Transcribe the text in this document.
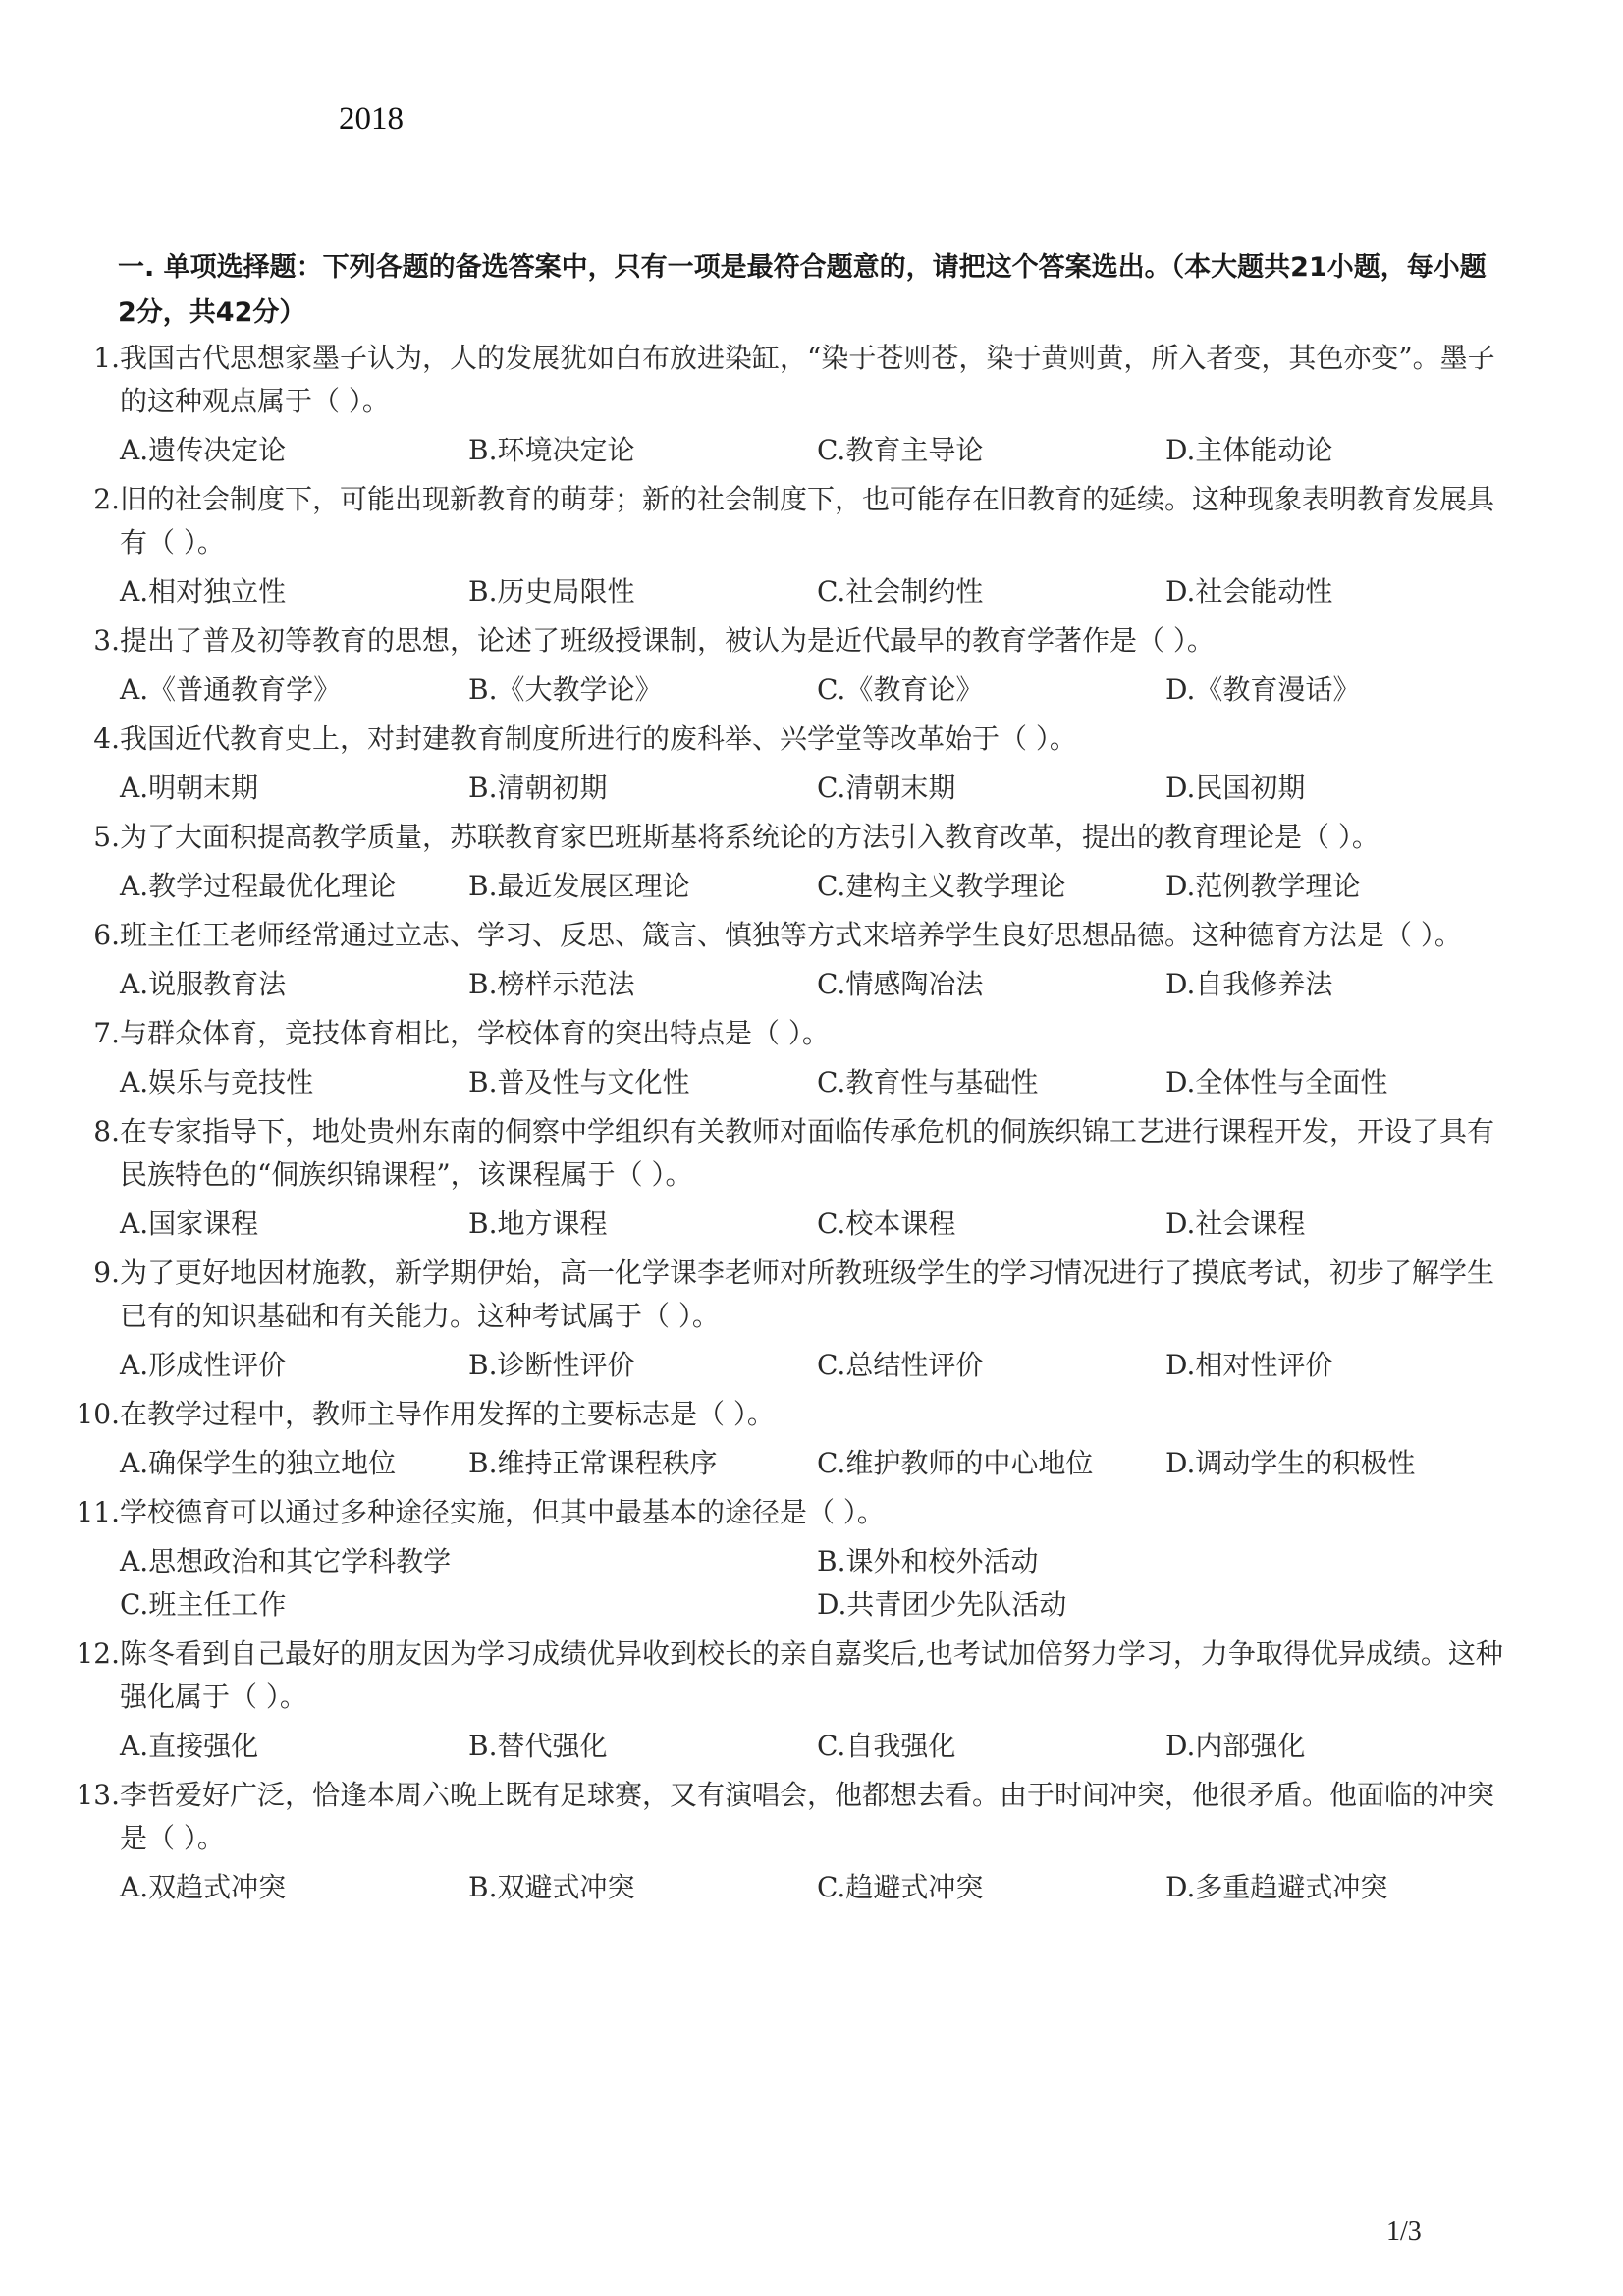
2018
一. 单项选择题：下列各题的备选答案中，只有一项是最符合题意的，请把这个答案选出。（本大题共21小题，每小题2分，共42分）
1. 我国古代思想家墨子认为，人的发展犹如白布放进染缸，“染于苍则苍，染于黄则黄，所入者变，其色亦变”。墨子的这种观点属于（ ）。
A.遗传决定论	B.环境决定论	C.教育主导论	D.主体能动论
2. 旧的社会制度下，可能出现新教育的萌芽；新的社会制度下，也可能存在旧教育的延续。这种现象表明教育发展具有（ ）。
A.相对独立性	B.历史局限性	C.社会制约性	D.社会能动性
3. 提出了普及初等教育的思想，论述了班级授课制，被认为是近代最早的教育学著作是（ ）。
A.《普通教育学》	B.《大教学论》	C.《教育论》	D.《教育漫话》
4. 我国近代教育史上，对封建教育制度所进行的废科举、兴学堂等改革始于（ ）。
A.明朝末期	B.清朝初期	C.清朝末期	D.民国初期
5. 为了大面积提高教学质量，苏联教育家巴班斯基将系统论的方法引入教育改革，提出的教育理论是（ ）。
A.教学过程最优化理论	B.最近发展区理论	C.建构主义教学理论	D.范例教学理论
6. 班主任王老师经常通过立志、学习、反思、箴言、慎独等方式来培养学生良好思想品德。这种德育方法是（ ）。
A.说服教育法	B.榜样示范法	C.情感陶冶法	D.自我修养法
7. 与群众体育，竞技体育相比，学校体育的突出特点是（ ）。
A.娱乐与竞技性	B.普及性与文化性	C.教育性与基础性	D.全体性与全面性
8. 在专家指导下，地处贵州东南的侗察中学组织有关教师对面临传承危机的侗族织锦工艺进行课程开发，开设了具有民族特色的“侗族织锦课程”，该课程属于（ ）。
A.国家课程	B.地方课程	C.校本课程	D.社会课程
9. 为了更好地因材施教，新学期伊始，高一化学课李老师对所教班级学生的学习情况进行了摸底考试，初步了解学生已有的知识基础和有关能力。这种考试属于（ ）。
A.形成性评价	B.诊断性评价	C.总结性评价	D.相对性评价
10. 在教学过程中，教师主导作用发挥的主要标志是（ ）。
A.确保学生的独立地位	B.维持正常课程秩序	C.维护教师的中心地位	D.调动学生的积极性
11. 学校德育可以通过多种途径实施，但其中最基本的途径是（ ）。
A.思想政治和其它学科教学	B.课外和校外活动
C.班主任工作	D.共青团少先队活动
12. 陈冬看到自己最好的朋友因为学习成绩优异收到校长的亲自嘉奖后,也考试加倍努力学习，力争取得优异成绩。这种强化属于（ ）。
A.直接强化	B.替代强化	C.自我强化	D.内部强化
13. 李哲爱好广泛，恰逢本周六晚上既有足球赛，又有演唱会，他都想去看。由于时间冲突，他很矛盾。他面临的冲突是（ ）。
A.双趋式冲突	B.双避式冲突	C.趋避式冲突	D.多重趋避式冲突
1/3
